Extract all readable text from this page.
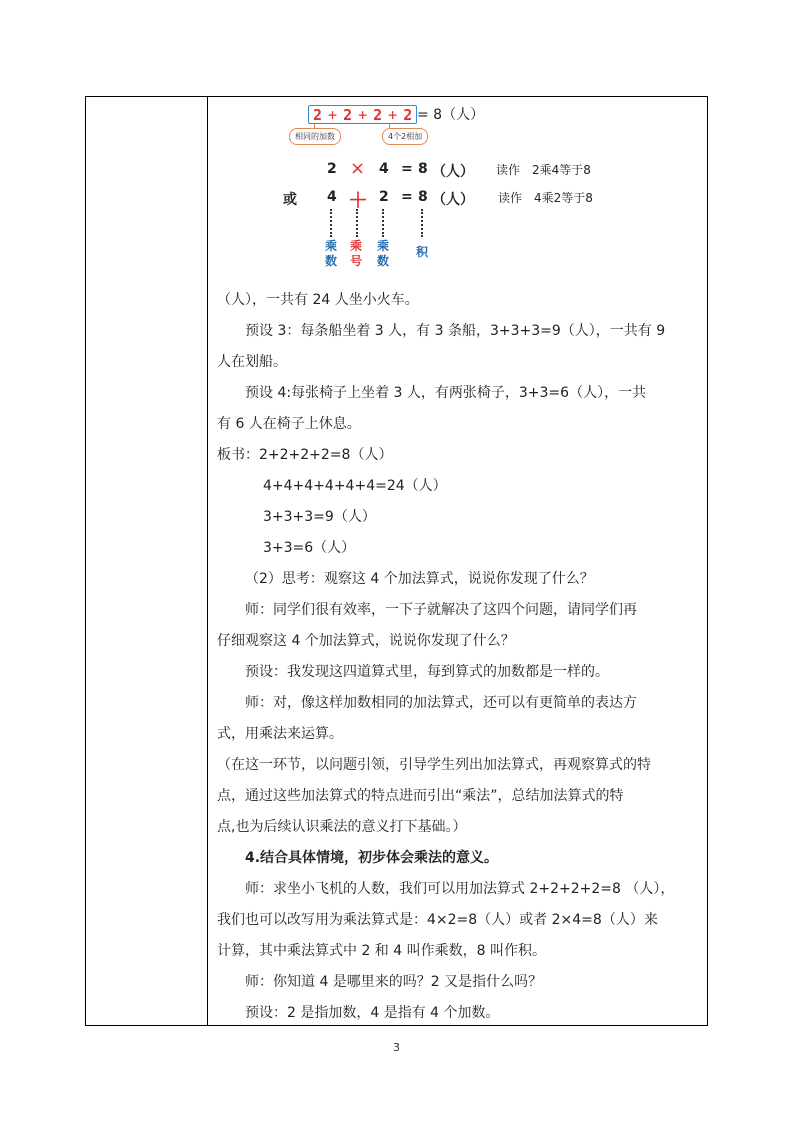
2 + 2 + 2 + 2 = 8（人）
相同的加数	4个2相加
2 × 4 = 8 （人） 读作　2乘4等于8
或 4 ＋ 2 = 8 （人） 读作　4乘2等于8
乘数
乘号
乘数
积
（人），一共有 24 人坐小火车。
预设 3：每条船坐着 3 人，有 3 条船，3+3+3=9（人），一共有 9
人在划船。
预设 4:每张椅子上坐着 3 人，有两张椅子，3+3=6（人），一共
有 6 人在椅子上休息。
板书：2+2+2+2=8（人）
4+4+4+4+4+4=24（人）
3+3+3=9（人）
3+3=6（人）
（2）思考：观察这 4 个加法算式，说说你发现了什么？
师：同学们很有效率，一下子就解决了这四个问题，请同学们再
仔细观察这 4 个加法算式，说说你发现了什么？
预设：我发现这四道算式里，每到算式的加数都是一样的。
师：对，像这样加数相同的加法算式，还可以有更简单的表达方
式，用乘法来运算。
（在这一环节，以问题引领，引导学生列出加法算式，再观察算式的特
点，通过这些加法算式的特点进而引出“乘法”，总结加法算式的特
点,也为后续认识乘法的意义打下基础。）
4.结合具体情境，初步体会乘法的意义。
师：求坐小飞机的人数，我们可以用加法算式 2+2+2+2=8 （人），
我们也可以改写用为乘法算式是：4×2=8（人）或者 2×4=8（人）来
计算，其中乘法算式中 2 和 4 叫作乘数，8 叫作积。
师：你知道 4 是哪里来的吗？2 又是指什么吗？
预设：2 是指加数，4 是指有 4 个加数。
3
